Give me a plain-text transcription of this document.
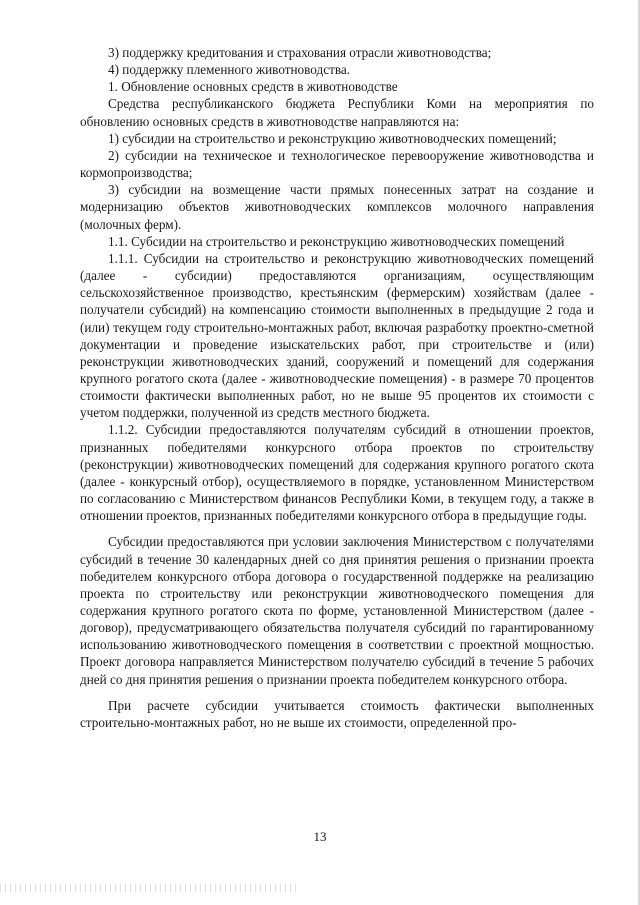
3) поддержку кредитования и страхования отрасли животноводства;

4) поддержку племенного животноводства.

1. Обновление основных средств в животноводстве

Средства республиканского бюджета Республики Коми на мероприятия по обновлению основных средств в животноводстве направляются на:

1) субсидии на строительство и реконструкцию животноводческих помещений;

2) субсидии на техническое и технологическое перевооружение животноводства и кормопроизводства;

3) субсидии на возмещение части прямых понесенных затрат на создание и модернизацию объектов животноводческих комплексов молочного направления (молочных ферм).

1.1. Субсидии на строительство и реконструкцию животноводческих помещений

1.1.1. Субсидии на строительство и реконструкцию животноводческих помещений (далее - субсидии) предоставляются организациям, осуществляющим сельскохозяйственное производство, крестьянским (фермерским) хозяйствам (далее - получатели субсидий) на компенсацию стоимости выполненных в предыдущие 2 года и (или) текущем году строительно-монтажных работ, включая разработку проектно-сметной документации и проведение изыскательских работ, при строительстве и (или) реконструкции животноводческих зданий, сооружений и помещений для содержания крупного рогатого скота (далее - животноводческие помещения) - в размере 70 процентов стоимости фактически выполненных работ, но не выше 95 процентов их стоимости с учетом поддержки, полученной из средств местного бюджета.

1.1.2. Субсидии предоставляются получателям субсидий в отношении проектов, признанных победителями конкурсного отбора проектов по строительству (реконструкции) животноводческих помещений для содержания крупного рогатого скота (далее - конкурсный отбор), осуществляемого в порядке, установленном Министерством по согласованию с Министерством финансов Республики Коми, в текущем году, а также в отношении проектов, признанных победителями конкурсного отбора в предыдущие годы.

Субсидии предоставляются при условии заключения Министерством с получателями субсидий в течение 30 календарных дней со дня принятия решения о признании проекта победителем конкурсного отбора договора о государственной поддержке на реализацию проекта по строительству или реконструкции животноводческого помещения для содержания крупного рогатого скота по форме, установленной Министерством (далее - договор), предусматривающего обязательства получателя субсидий по гарантированному использованию животноводческого помещения в соответствии с проектной мощностью. Проект договора направляется Министерством получателю субсидий в течение 5 рабочих дней со дня принятия решения о признании проекта победителем конкурсного отбора.

При расчете субсидии учитывается стоимость фактически выполненных строительно-монтажных работ, но не выше их стоимости, определенной про-

13
